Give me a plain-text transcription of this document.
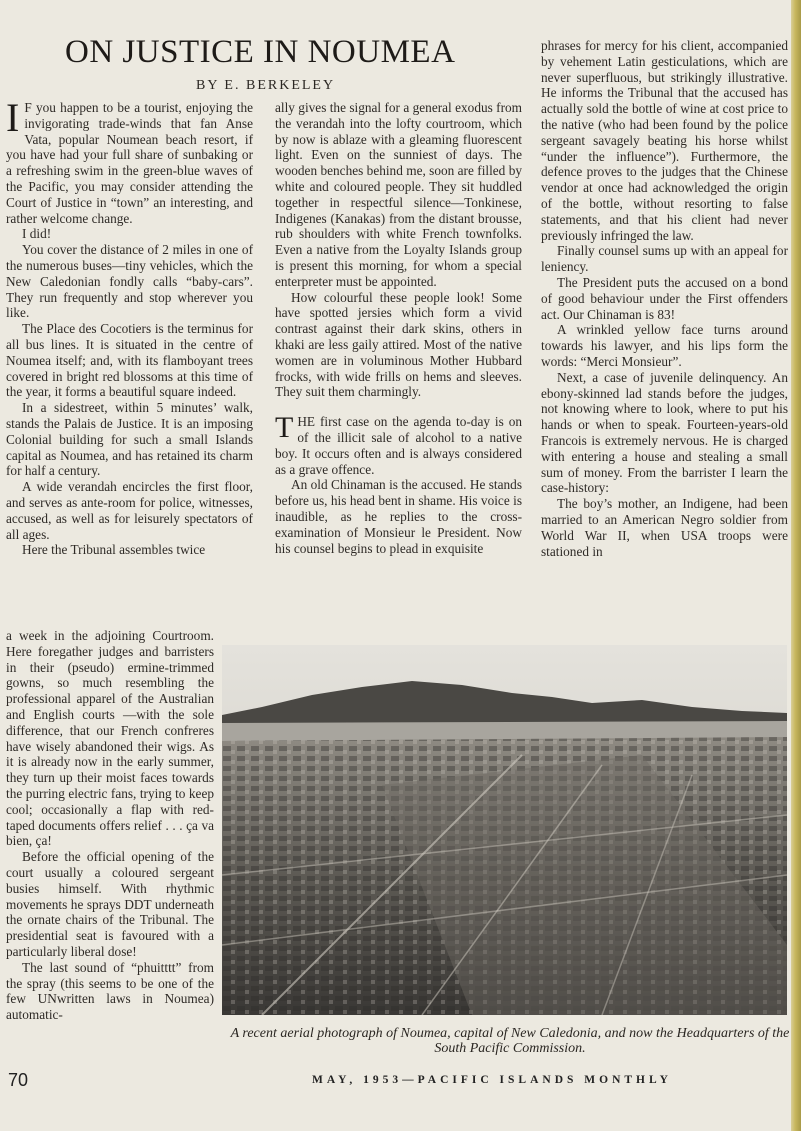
ON JUSTICE IN NOUMEA
BY E. BERKELEY

I F you happen to be a tourist, enjoying the invigorating trade-winds that fan Anse Vata, popular Noumean beach resort, if you have had your full share of sunbaking or a refreshing swim in the green-blue waves of the Pacific, you may consider attending the Court of Justice in “town” an interesting, and rather welcome change.

I did!

You cover the distance of 2 miles in one of the numerous buses—tiny vehicles, which the New Caledonian fondly calls “baby-cars”. They run frequently and stop wherever you like.

The Place des Cocotiers is the terminus for all bus lines. It is situated in the centre of Noumea itself; and, with its flamboyant trees covered in bright red blossoms at this time of the year, it forms a beautiful square indeed.

In a sidestreet, within 5 minutes’ walk, stands the Palais de Justice. It is an imposing Colonial building for such a small Islands capital as Noumea, and has retained its charm for half a century.

A wide verandah encircles the first floor, and serves as ante-room for police, witnesses, accused, as well as for leisurely spectators of all ages.

Here the Tribunal assembles twice

a week in the adjoining Courtroom. Here foregather judges and barristers in their (pseudo) ermine-trimmed gowns, so much resembling the professional apparel of the Australian and English courts —with the sole difference, that our French confreres have wisely abandoned their wigs. As it is already now in the early summer, they turn up their moist faces towards the purring electric fans, trying to keep cool; occasionally a flap with red-taped documents offers relief . . . ça va bien, ça!

Before the official opening of the court usually a coloured sergeant busies himself. With rhythmic movements he sprays DDT underneath the ornate chairs of the Tribunal. The presidential seat is favoured with a particularly liberal dose!

The last sound of “phuitttt” from the spray (this seems to be one of the few UNwritten laws in Noumea) automatic-

ally gives the signal for a general exodus from the verandah into the lofty courtroom, which by now is ablaze with a gleaming fluorescent light. Even on the sunniest of days. The wooden benches behind me, soon are filled by white and coloured people. They sit huddled together in respectful silence—Tonkinese, Indigenes (Kanakas) from the distant brousse, rub shoulders with white French townfolks. Even a native from the Loyalty Islands group is present this morning, for whom a special enterpreter must be appointed.

How colourful these people look! Some have spotted jersies which form a vivid contrast against their dark skins, others in khaki are less gaily attired. Most of the native women are in voluminous Mother Hubbard frocks, with wide frills on hems and sleeves. They suit them charmingly.

THE first case on the agenda to-day is on of the illicit sale of alcohol to a native boy. It occurs often and is always considered as a grave offence.

An old Chinaman is the accused. He stands before us, his head bent in shame. His voice is inaudible, as he replies to the cross-examination of Monsieur le President. Now his counsel begins to plead in exquisite

phrases for mercy for his client, accompanied by vehement Latin gesticulations, which are never superfluous, but strikingly illustrative. He informs the Tribunal that the accused has actually sold the bottle of wine at cost price to the native (who had been found by the police sergeant savagely beating his horse whilst “under the influence”). Furthermore, the defence proves to the judges that the Chinese vendor at once had acknowledged the origin of the bottle, without resorting to false statements, and that his client had never previously infringed the law.

Finally counsel sums up with an appeal for leniency.

The President puts the accused on a bond of good behaviour under the First offenders act. Our Chinaman is 83!

A wrinkled yellow face turns around towards his lawyer, and his lips form the words: “Merci Monsieur”.

Next, a case of juvenile delinquency. An ebony-skinned lad stands before the judges, not knowing where to look, where to put his hands or when to speak. Fourteen-years-old Francois is extremely nervous. He is charged with entering a house and stealing a small sum of money. From the barrister I learn the case-history:

The boy’s mother, an Indigene, had been married to an American Negro soldier from World War II, when USA troops were stationed in

A recent aerial photograph of Noumea, capital of New Caledonia, and now the Headquarters of the South Pacific Commission.
70	MAY, 1953—PACIFIC ISLANDS MONTHLY
